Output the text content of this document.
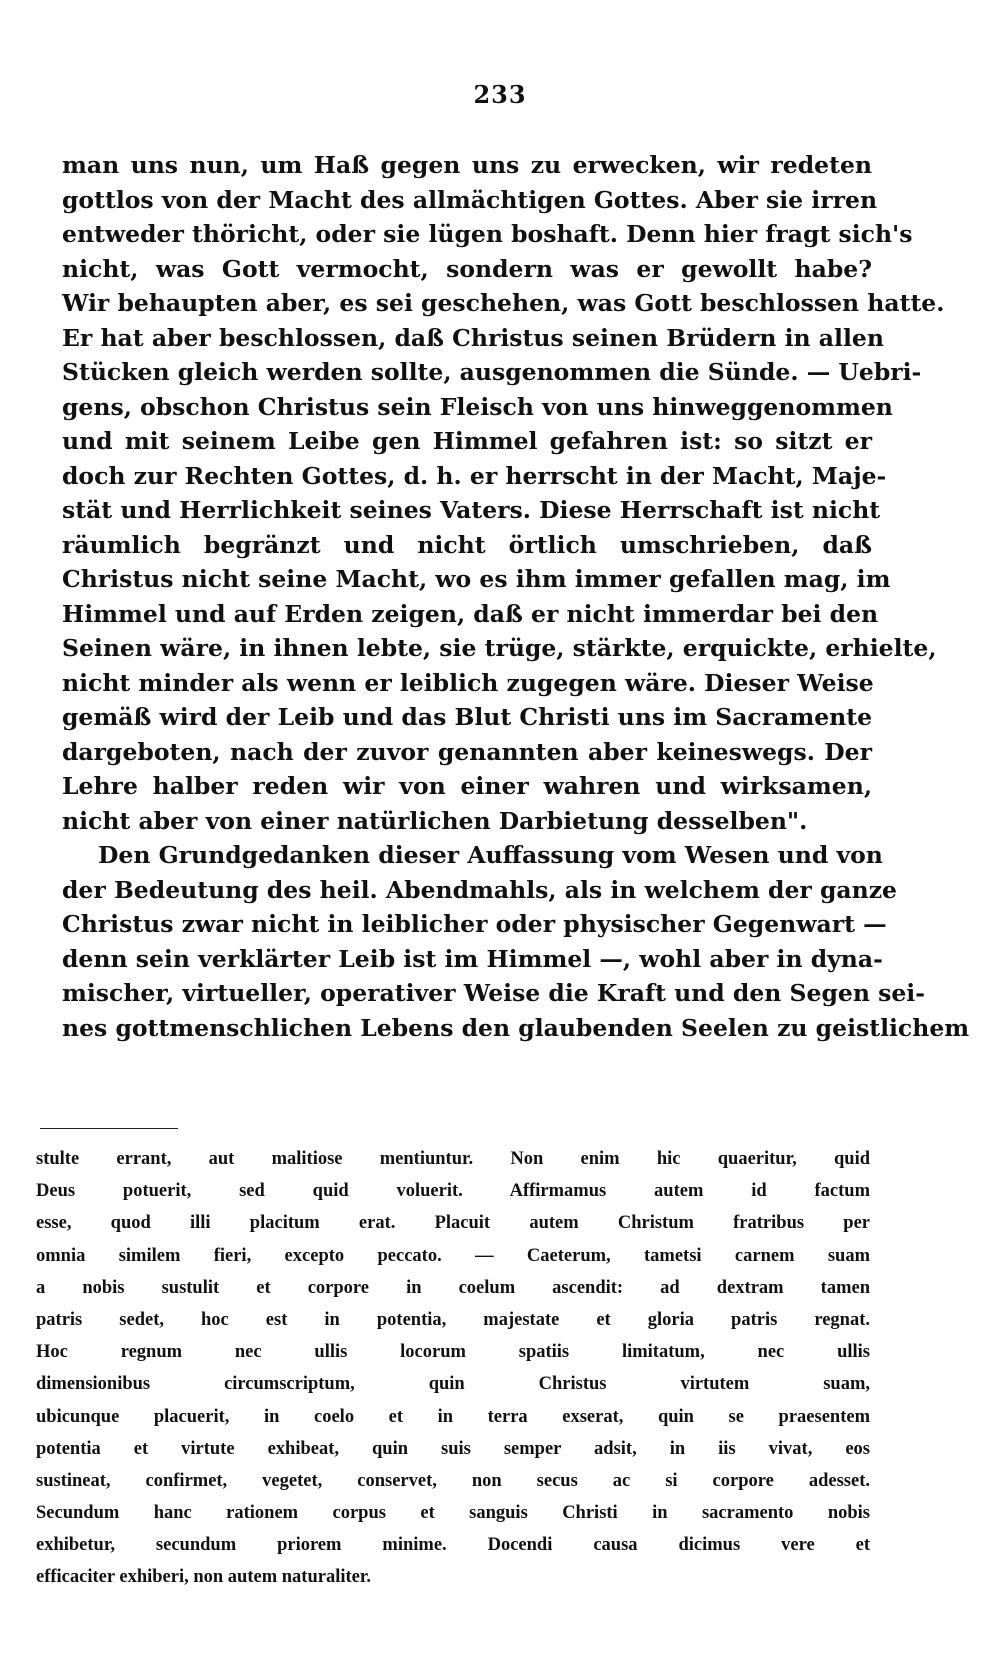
233
man uns nun, um Haß gegen uns zu erwecken, wir redeten
gottlos von der Macht des allmächtigen Gottes. Aber sie irren
entweder thöricht, oder sie lügen boshaft. Denn hier fragt sich's
nicht, was Gott vermocht, sondern was er gewollt habe?
Wir behaupten aber, es sei geschehen, was Gott beschlossen hatte.
Er hat aber beschlossen, daß Christus seinen Brüdern in allen
Stücken gleich werden sollte, ausgenommen die Sünde. — Uebri-
gens, obschon Christus sein Fleisch von uns hinweggenommen
und mit seinem Leibe gen Himmel gefahren ist: so sitzt er
doch zur Rechten Gottes, d. h. er herrscht in der Macht, Maje-
stät und Herrlichkeit seines Vaters. Diese Herrschaft ist nicht
räumlich begränzt und nicht örtlich umschrieben, daß
Christus nicht seine Macht, wo es ihm immer gefallen mag, im
Himmel und auf Erden zeigen, daß er nicht immerdar bei den
Seinen wäre, in ihnen lebte, sie trüge, stärkte, erquickte, erhielte,
nicht minder als wenn er leiblich zugegen wäre. Dieser Weise
gemäß wird der Leib und das Blut Christi uns im Sacramente
dargeboten, nach der zuvor genannten aber keineswegs. Der
Lehre halber reden wir von einer wahren und wirksamen,
nicht aber von einer natürlichen Darbietung desselben".
Den Grundgedanken dieser Auffassung vom Wesen und von
der Bedeutung des heil. Abendmahls, als in welchem der ganze
Christus zwar nicht in leiblicher oder physischer Gegenwart —
denn sein verklärter Leib ist im Himmel —, wohl aber in dyna-
mischer, virtueller, operativer Weise die Kraft und den Segen sei-
nes gottmenschlichen Lebens den glaubenden Seelen zu geistlichem
stulte errant, aut malitiose mentiuntur. Non enim hic quaeritur, quid
Deus potuerit, sed quid voluerit. Affirmamus autem id factum
esse, quod illi placitum erat. Placuit autem Christum fratribus per
omnia similem fieri, excepto peccato. — Caeterum, tametsi carnem suam
a nobis sustulit et corpore in coelum ascendit: ad dextram tamen
patris sedet, hoc est in potentia, majestate et gloria patris regnat.
Hoc regnum nec ullis locorum spatiis limitatum, nec ullis
dimensionibus circumscriptum, quin Christus virtutem suam,
ubicunque placuerit, in coelo et in terra exserat, quin se praesentem
potentia et virtute exhibeat, quin suis semper adsit, in iis vivat, eos
sustineat, confirmet, vegetet, conservet, non secus ac si corpore adesset.
Secundum hanc rationem corpus et sanguis Christi in sacramento nobis
exhibetur, secundum priorem minime. Docendi causa dicimus vere et
efficaciter exhiberi, non autem naturaliter.
